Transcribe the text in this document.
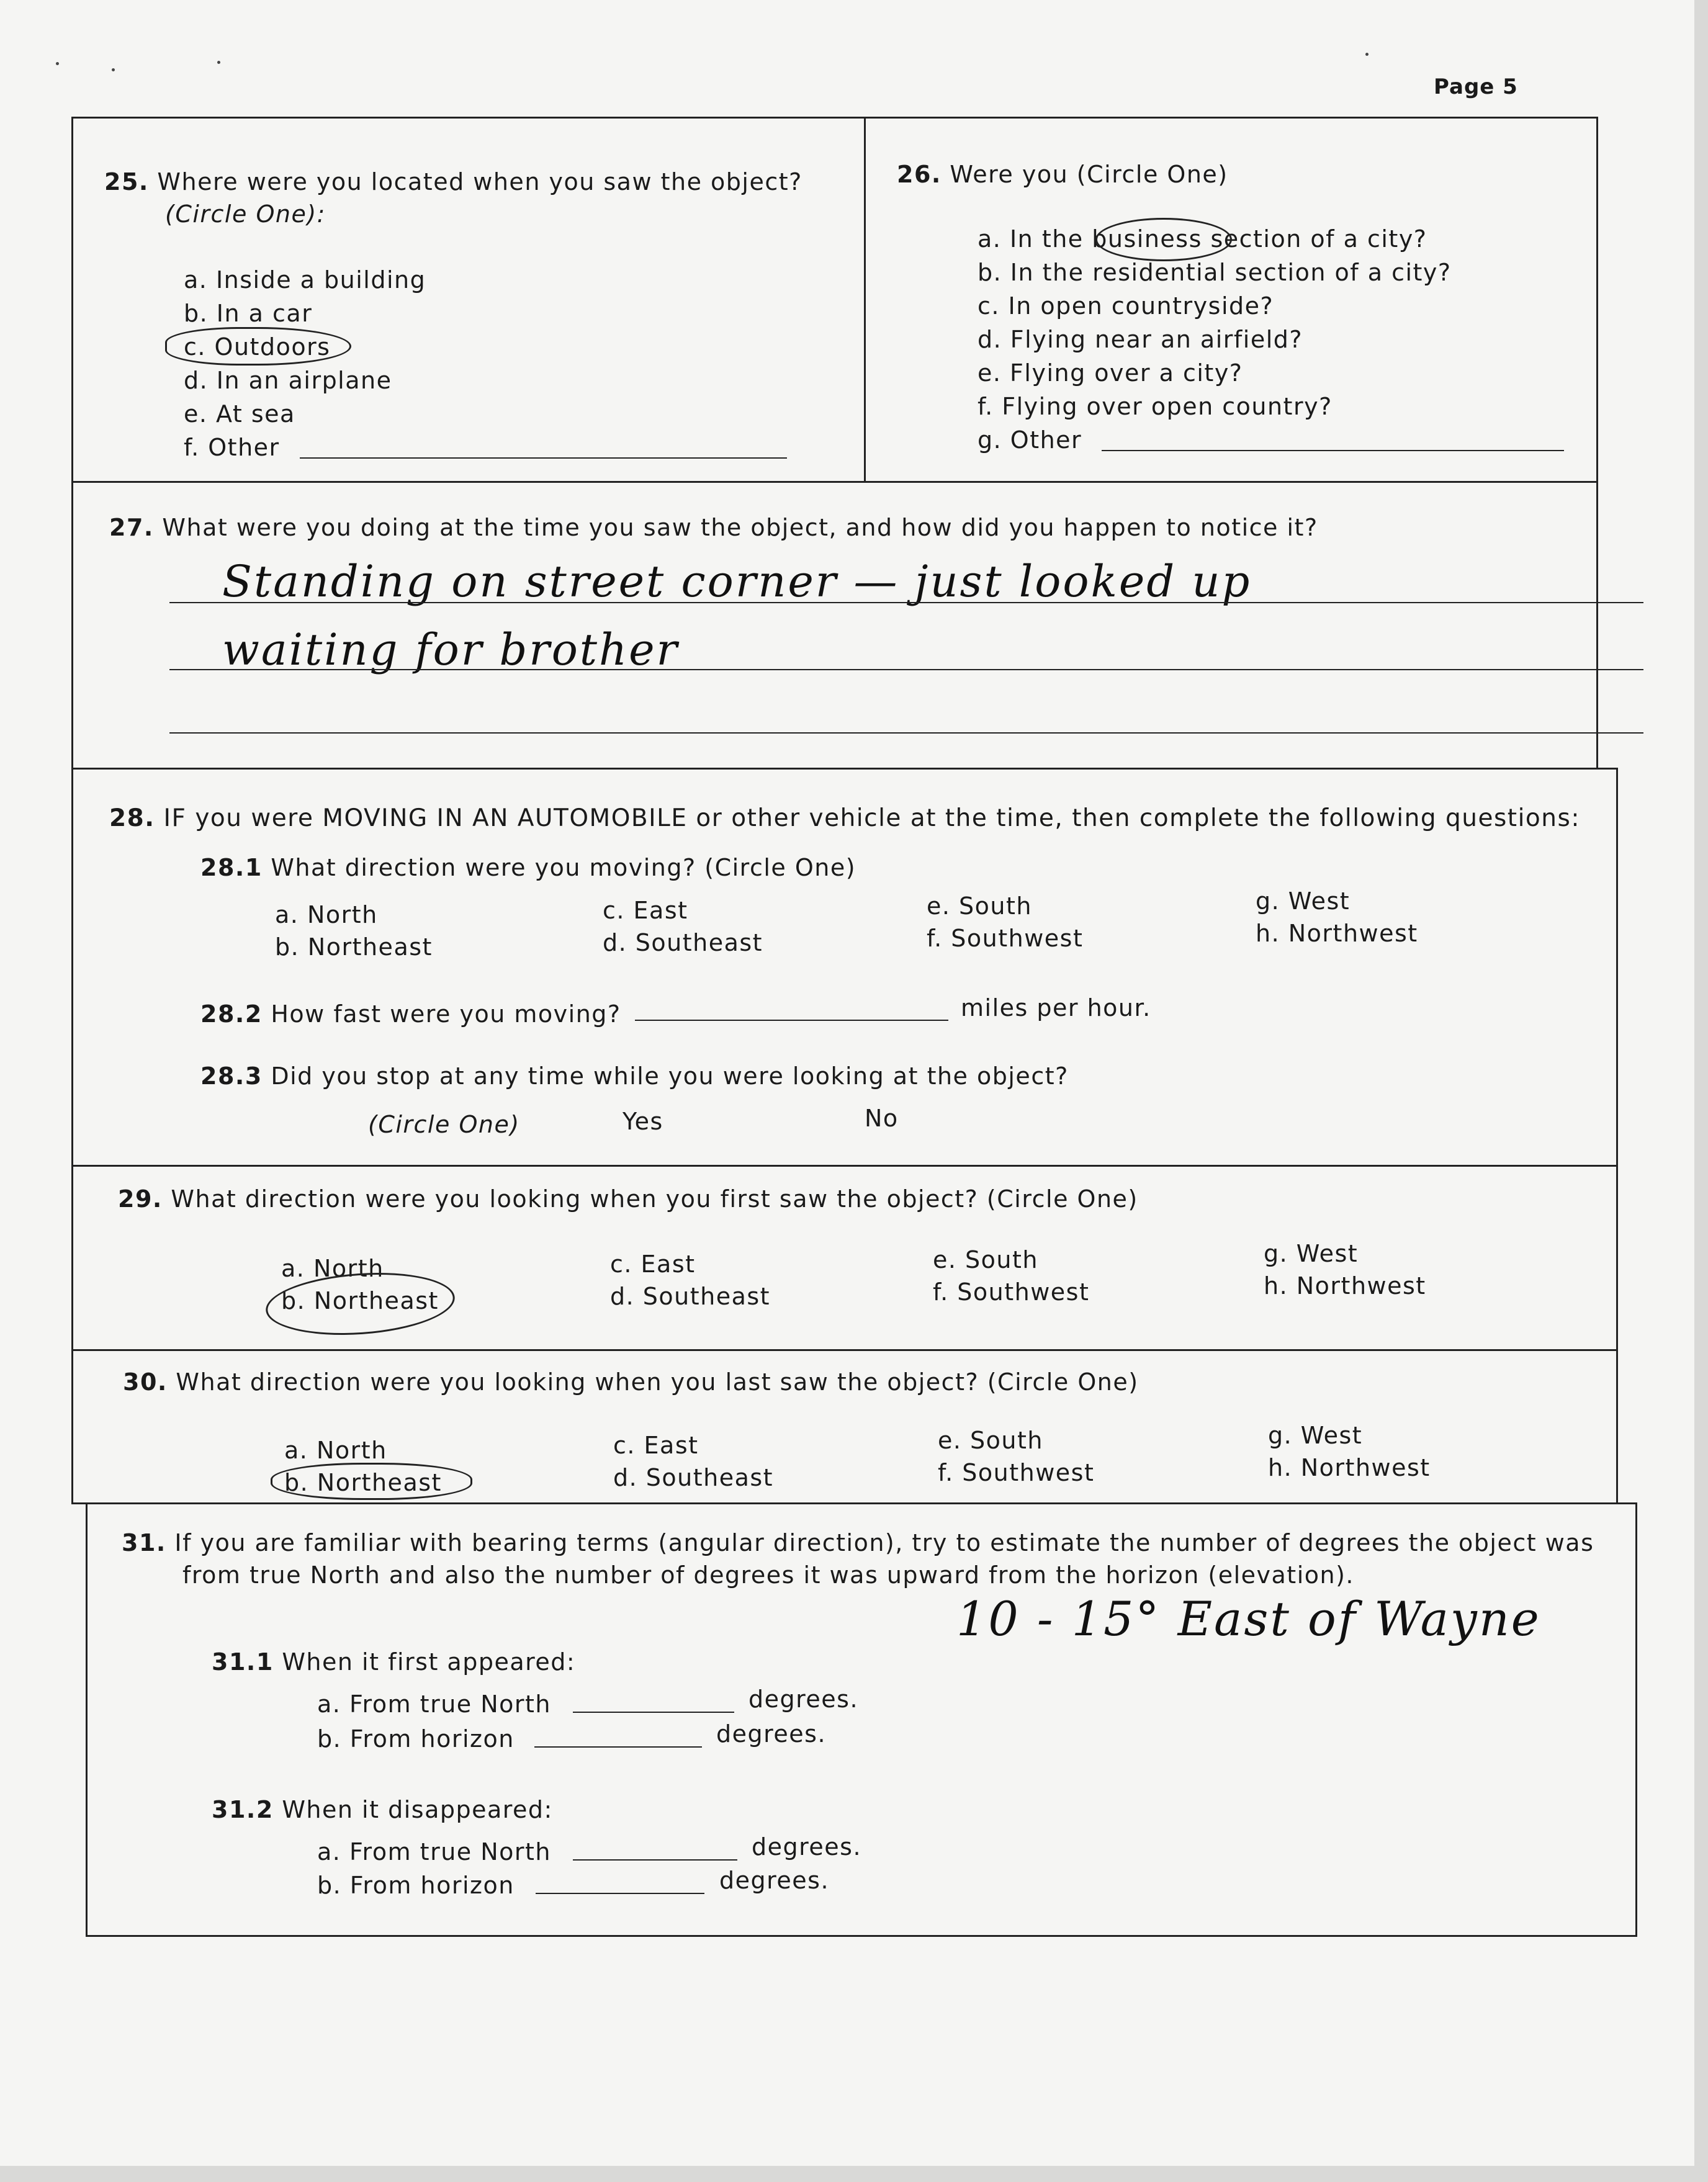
Page 5
25. Where were you located when you saw the object?
(Circle One):
a. Inside a building
b. In a car
c. Outdoors
d. In an airplane
e. At sea
f. Other
26. Were you (Circle One)
a. In the business section of a city?
b. In the residential section of a city?
c. In open countryside?
d. Flying near an airfield?
e. Flying over a city?
f. Flying over open country?
g. Other
27. What were you doing at the time you saw the object, and how did you happen to notice it?
Standing on street corner — just looked up
waiting for brother
28. IF you were MOVING IN AN AUTOMOBILE or other vehicle at the time, then complete the following questions:
28.1 What direction were you moving? (Circle One)
a. North
b. Northeast
c. East
d. Southeast
e. South
f. Southwest
g. West
h. Northwest
28.2 How fast were you moving?	miles per hour.
28.3 Did you stop at any time while you were looking at the object?
(Circle One)	Yes	No
29. What direction were you looking when you first saw the object? (Circle One)
a. North
b. Northeast
c. East
d. Southeast
e. South
f. Southwest
g. West
h. Northwest
30. What direction were you looking when you last saw the object? (Circle One)
a. North
b. Northeast
c. East
d. Southeast
e. South
f. Southwest
g. West
h. Northwest
31. If you are familiar with bearing terms (angular direction), try to estimate the number of degrees the object was
from true North and also the number of degrees it was upward from the horizon (elevation).
10 - 15° East of Wayne
31.1 When it first appeared:
a. From true North	degrees.
b. From horizon	degrees.
31.2 When it disappeared:
a. From true North	degrees.
b. From horizon	degrees.
